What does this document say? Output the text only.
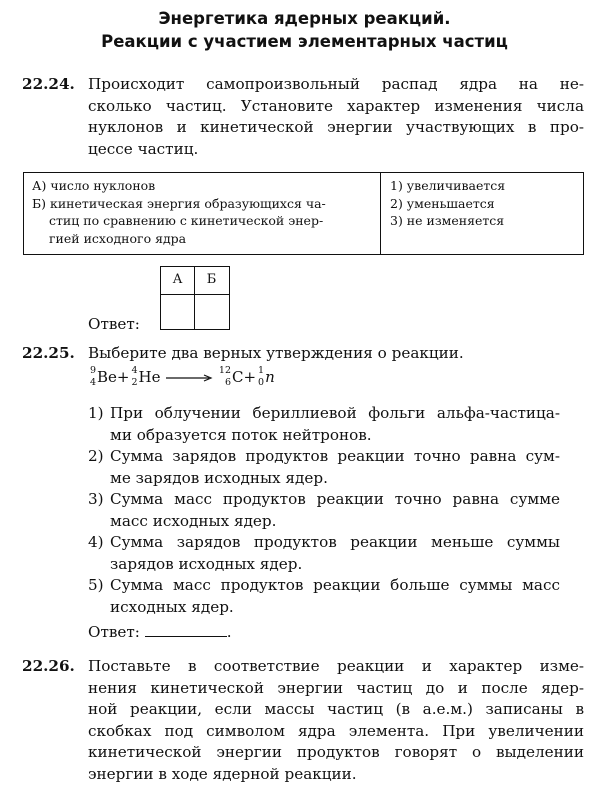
Энергетика ядерных реакций.
Реакции с участием элементарных частиц
22.24. Происходит самопроизвольный распад ядра на не-
сколько частиц. Установите характер изменения числа
нуклонов и кинетической энергии участвующих в про-
цессе частиц.
А) число нуклонов
Б) кинетическая энергия образующихся ча-
стиц по сравнению с кинетической энер-
гией исходного ядра
1) увеличивается
2) уменьшается
3) не изменяется
А	Б
Ответ:
22.25. Выберите два верных утверждения о реакции.
9
4 Be+ 4
2 He →
12
6 C+ 1
0 n
1) При облучении бериллиевой фольги альфа-частица-
ми образуется поток нейтронов.
2) Сумма зарядов продуктов реакции точно равна сум-
ме зарядов исходных ядер.
3) Сумма масс продуктов реакции точно равна сумме
масс исходных ядер.
4) Сумма зарядов продуктов реакции меньше суммы
зарядов исходных ядер.
5) Сумма масс продуктов реакции больше суммы масс
исходных ядер.
Ответ:	.
22.26. Поставьте в соответствие реакции и характер изме-
нения кинетической энергии частиц до и после ядер-
ной реакции, если массы частиц (в а.е.м.) записаны в
скобках под символом ядра элемента. При увеличении
кинетической энергии продуктов говорят о выделении
энергии в ходе ядерной реакции.
